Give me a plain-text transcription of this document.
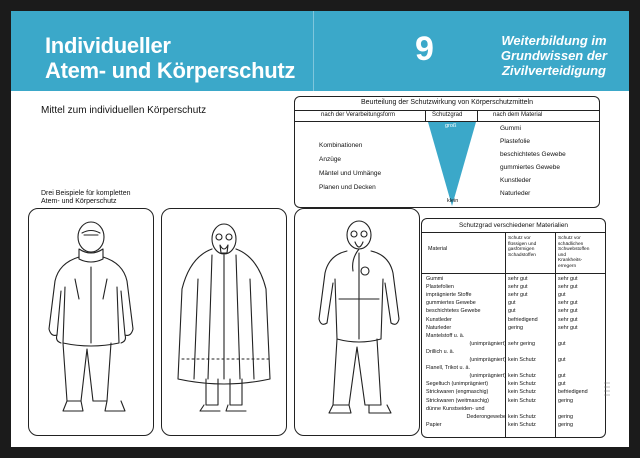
Individueller
Atem- und Körperschutz
9	Weiterbildung im
Grundwissen der
Zivilverteidigung
Mittel zum individuellen Körperschutz
Drei Beispiele für kompletten
Atem- und Körperschutz
Beurteilung der Schutzwirkung von Körperschutzmitteln
nach der Verarbeitungsform	Schutzgrad	nach dem Material
Kombinationen
Anzüge
Mäntel und Umhänge
Planen und Decken
groß
klein
Gummi
Plastefolie
beschichtetes Gewebe
gummiertes Gewebe
Kunstleder
Naturleder
Schutzgrad verschiedener Materialien
Material
Schutz vor
flüssigen und
gasförmigen
Schadstoffen
Schutz vor
schädlichen
Schwebstoffen
und
Krankheits-
erregern
Gummi	sehr gut	sehr gut
Plastefolien	sehr gut	sehr gut
imprägnierte Stoffe	sehr gut	gut
gummiertes Gewebe	gut	sehr gut
beschichtetes Gewebe	gut	sehr gut
Kunstleder	befriedigend	sehr gut
Naturleder	gering	sehr gut
Mantelstoff u. ä.
(unimprägniert) sehr gering	gut
Drillich u. ä.
(unimprägniert) kein Schutz	gut
Flanell, Trikot u. ä.
(unimprägniert) kein Schutz	gut
Segeltuch (unimprägniert)	kein Schutz	gut
Strickwaren (engmaschig)	kein Schutz	befriedigend
Strickwaren (weitmaschig)	kein Schutz	gering
dünne Kunstseiden- und
Dederongewebe kein Schutz	gering
Papier	kein Schutz	gering
